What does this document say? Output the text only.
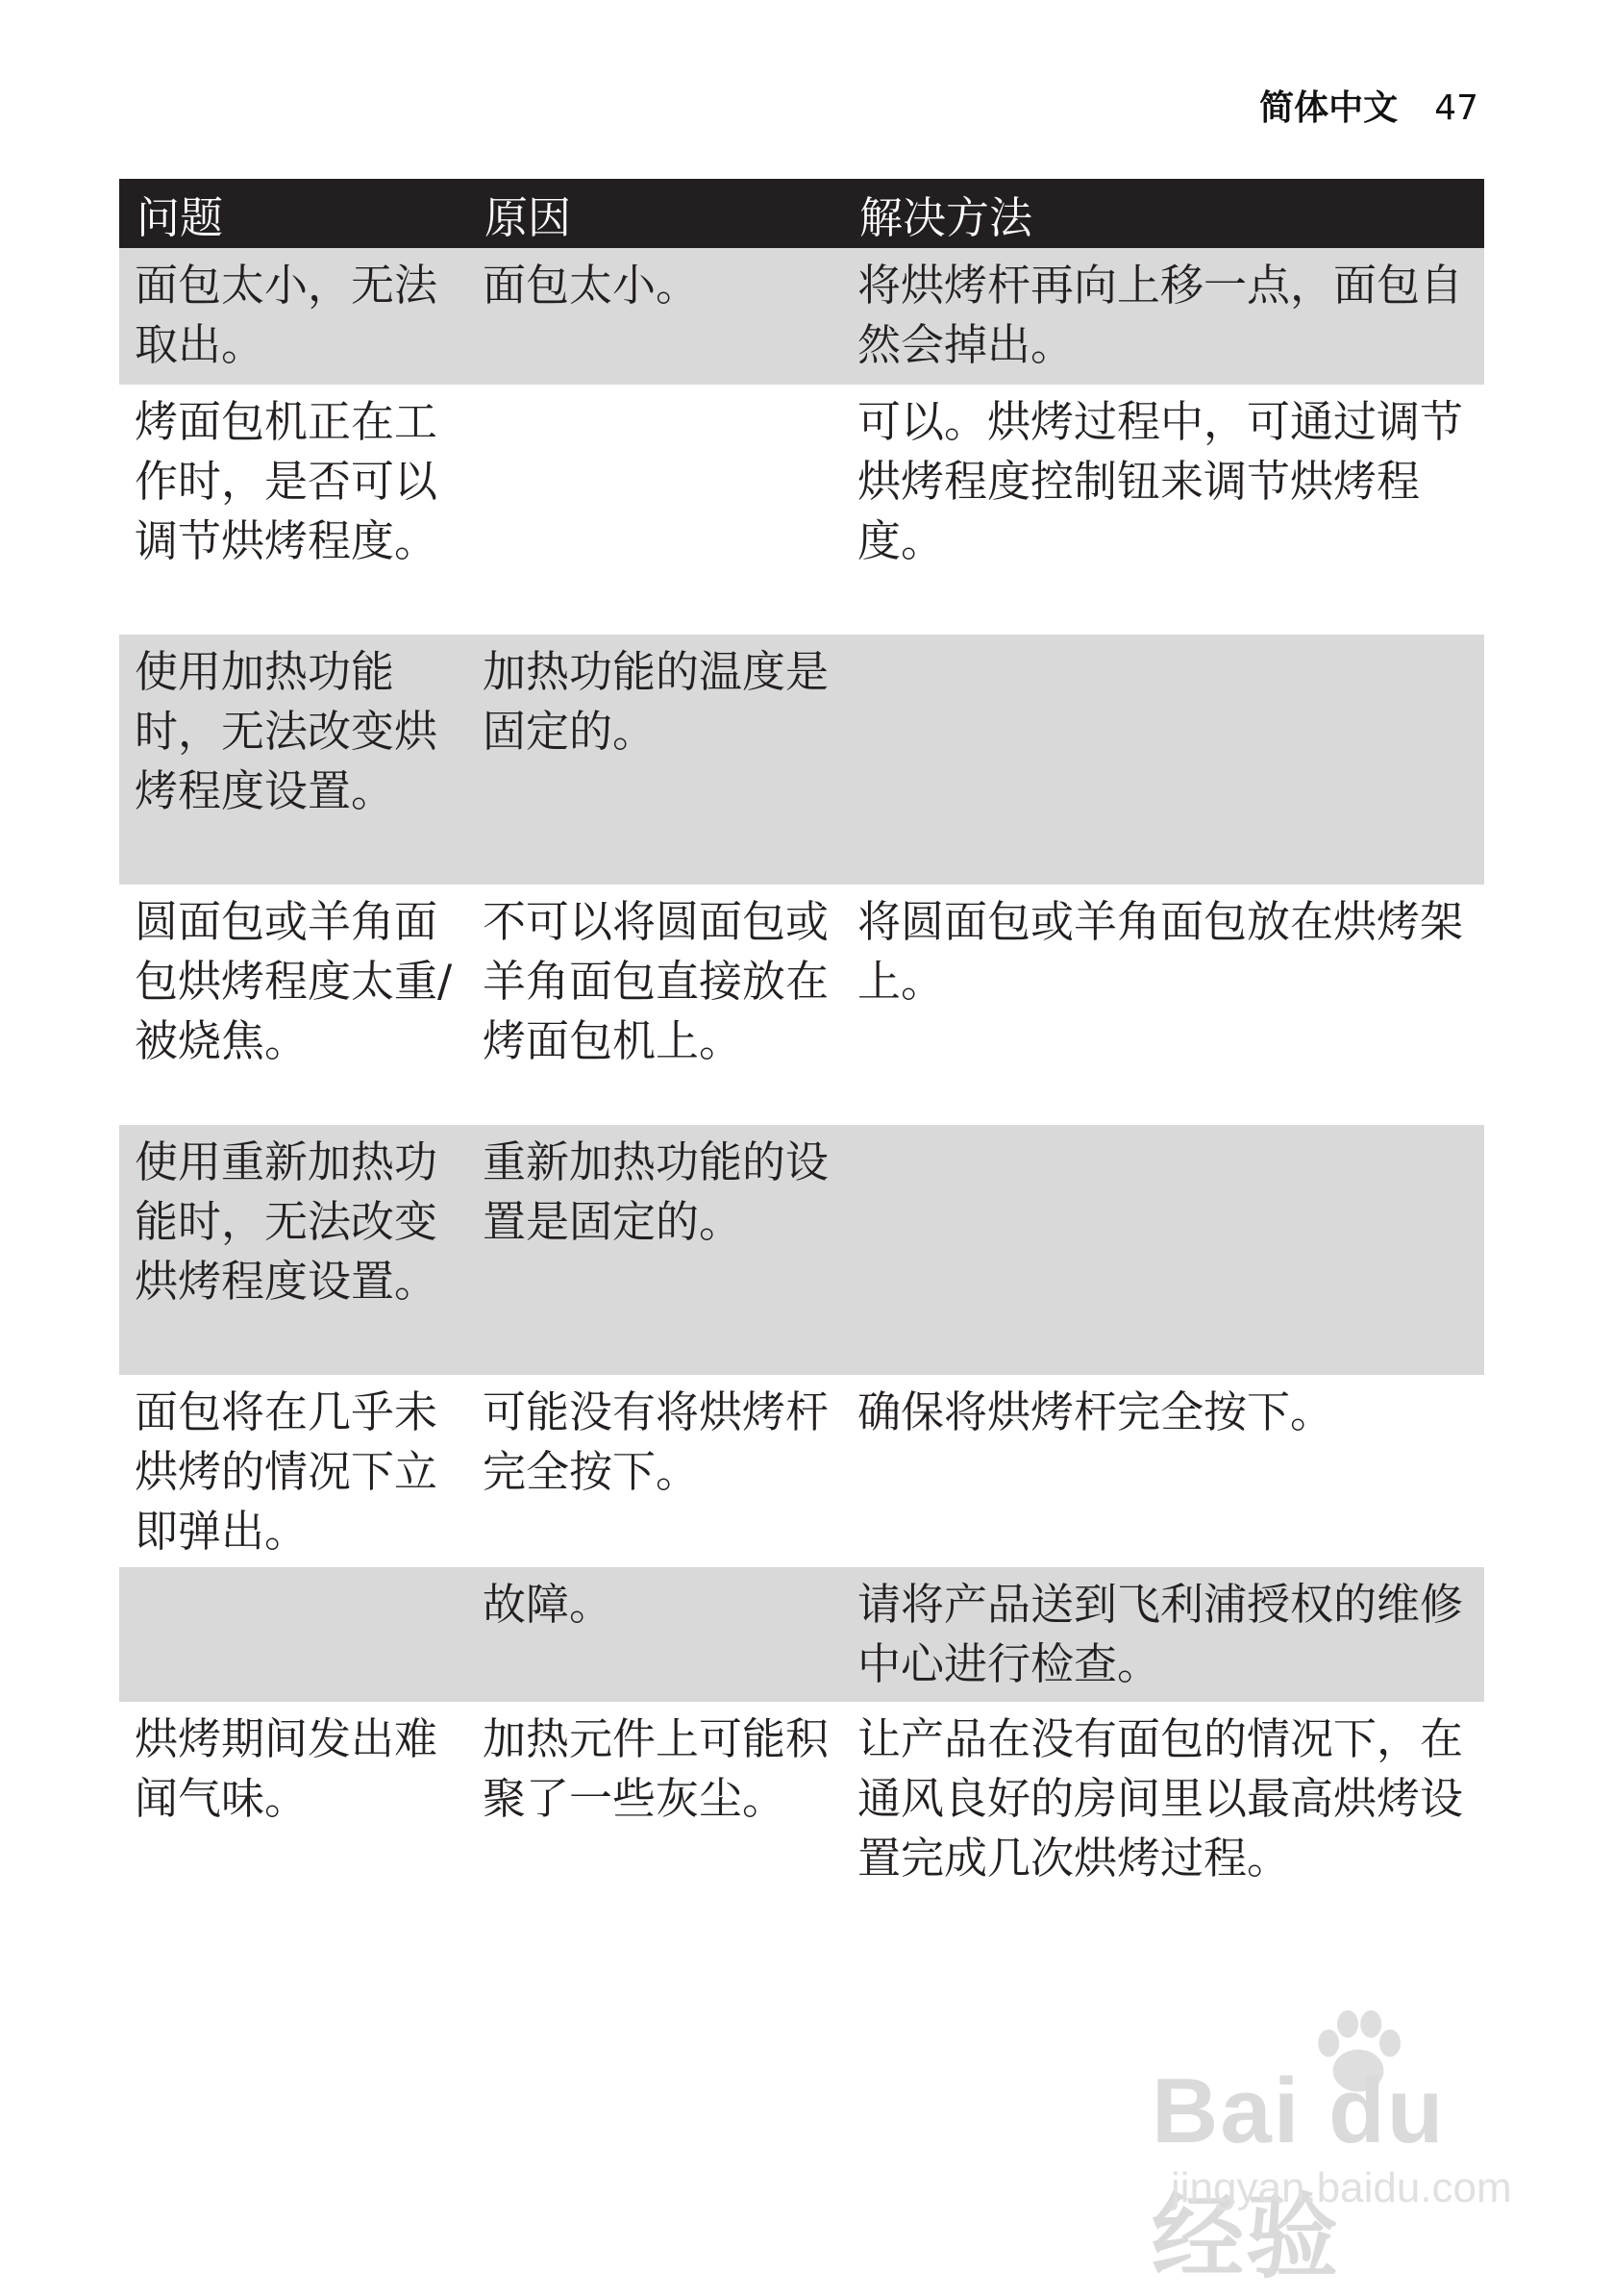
简体中文 47
问题	原因	解决方法
面包太小，无法取出。	面包太小。	将烘烤杆再向上移一点，面包自然会掉出。
烤面包机正在工作时，是否可以调节烘烤程度。		可以。烘烤过程中，可通过调节烘烤程度控制钮来调节烘烤程度。
使用加热功能时，无法改变烘烤程度设置。	加热功能的温度是固定的。	
圆面包或羊角面包烘烤程度太重/被烧焦。	不可以将圆面包或羊角面包直接放在烤面包机上。	将圆面包或羊角面包放在烘烤架上。
使用重新加热功能时，无法改变烘烤程度设置。	重新加热功能的设置是固定的。	
面包将在几乎未烘烤的情况下立即弹出。	可能没有将烘烤杆完全按下。	确保将烘烤杆完全按下。
	故障。	请将产品送到飞利浦授权的维修中心进行检查。
烘烤期间发出难闻气味。	加热元件上可能积聚了一些灰尘。	让产品在没有面包的情况下，在通风良好的房间里以最高烘烤设置完成几次烘烤过程。
Bai du 经验
jingyan.baidu.com
